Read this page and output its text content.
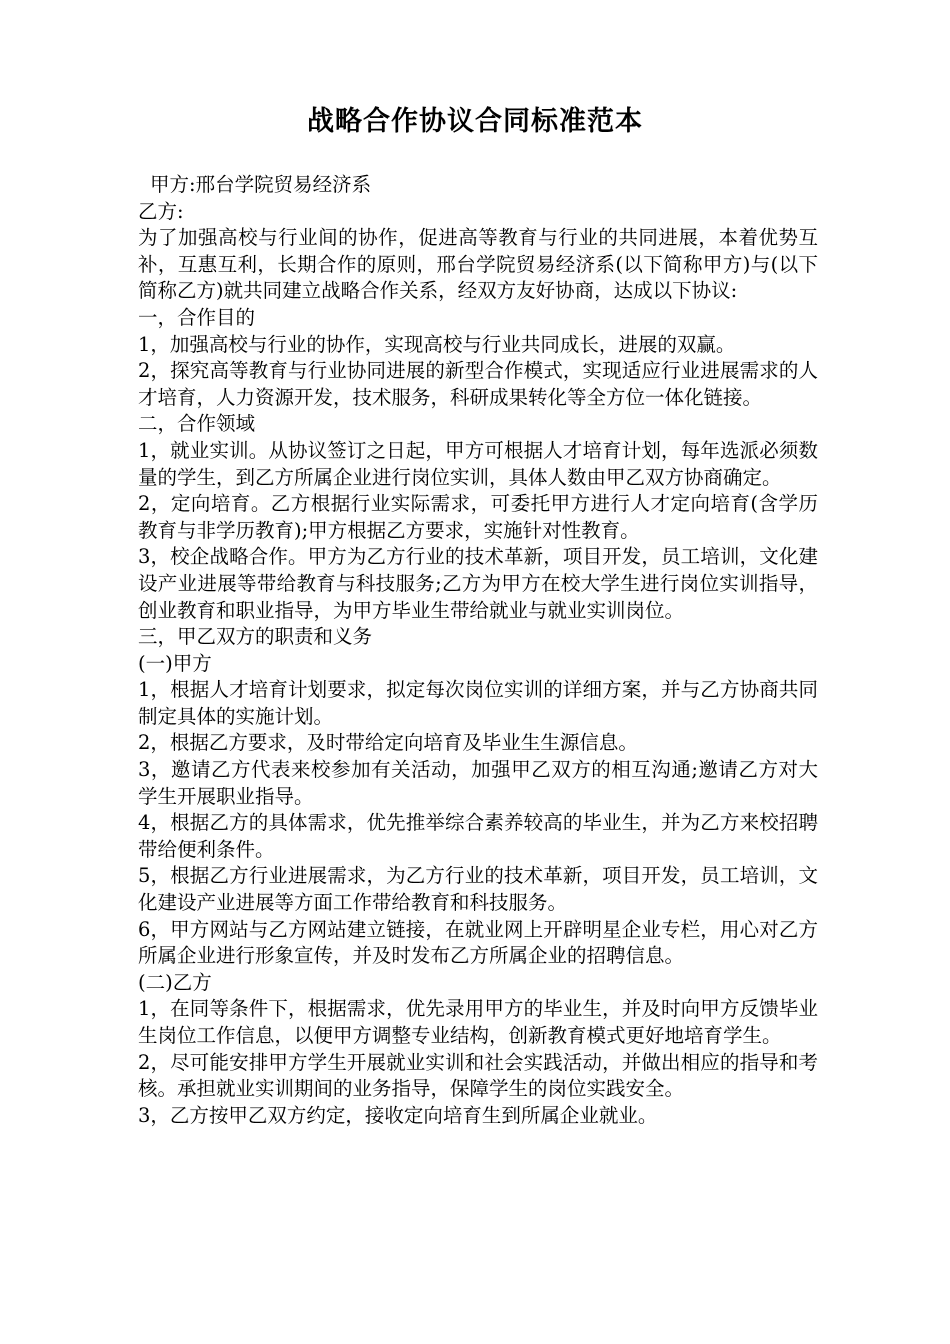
战略合作协议合同标准范本

甲方:邢台学院贸易经济系

乙方:

为了加强高校与行业间的协作，促进高等教育与行业的共同进展，本着优势互补，互惠互利，长期合作的原则，邢台学院贸易经济系(以下简称甲方)与(以下简称乙方)就共同建立战略合作关系，经双方友好协商，达成以下协议:

一，合作目的

1，加强高校与行业的协作，实现高校与行业共同成长，进展的双赢。

2，探究高等教育与行业协同进展的新型合作模式，实现适应行业进展需求的人才培育，人力资源开发，技术服务，科研成果转化等全方位一体化链接。

二，合作领域

1，就业实训。从协议签订之日起，甲方可根据人才培育计划，每年选派必须数量的学生，到乙方所属企业进行岗位实训，具体人数由甲乙双方协商确定。

2，定向培育。乙方根据行业实际需求，可委托甲方进行人才定向培育(含学历教育与非学历教育);甲方根据乙方要求，实施针对性教育。

3，校企战略合作。甲方为乙方行业的技术革新，项目开发，员工培训，文化建设产业进展等带给教育与科技服务;乙方为甲方在校大学生进行岗位实训指导，创业教育和职业指导，为甲方毕业生带给就业与就业实训岗位。

三，甲乙双方的职责和义务

(一)甲方

1，根据人才培育计划要求，拟定每次岗位实训的详细方案，并与乙方协商共同制定具体的实施计划。

2，根据乙方要求，及时带给定向培育及毕业生生源信息。

3，邀请乙方代表来校参加有关活动，加强甲乙双方的相互沟通;邀请乙方对大学生开展职业指导。

4，根据乙方的具体需求，优先推举综合素养较高的毕业生，并为乙方来校招聘带给便利条件。

5，根据乙方行业进展需求，为乙方行业的技术革新，项目开发，员工培训，文化建设产业进展等方面工作带给教育和科技服务。

6，甲方网站与乙方网站建立链接，在就业网上开辟明星企业专栏，用心对乙方所属企业进行形象宣传，并及时发布乙方所属企业的招聘信息。

(二)乙方

1，在同等条件下，根据需求，优先录用甲方的毕业生，并及时向甲方反馈毕业生岗位工作信息，以便甲方调整专业结构，创新教育模式更好地培育学生。

2，尽可能安排甲方学生开展就业实训和社会实践活动，并做出相应的指导和考核。承担就业实训期间的业务指导，保障学生的岗位实践安全。

3，乙方按甲乙双方约定，接收定向培育生到所属企业就业。
